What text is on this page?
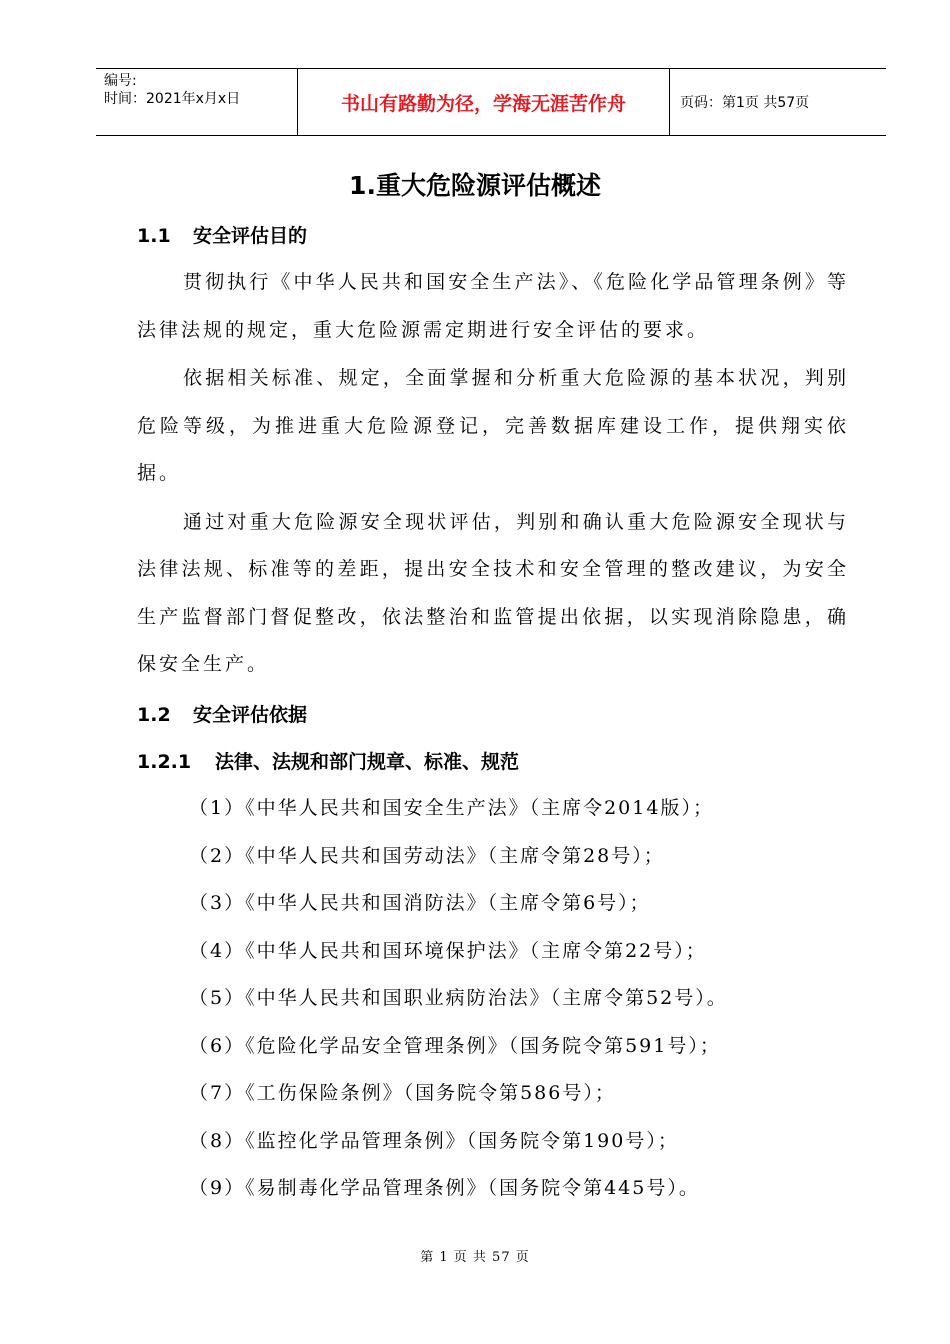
编号:
时间：2021年x月x日	书山有路勤为径，学海无涯苦作舟	页码：第1页 共57页
1.重大危险源评估概述
1.1 安全评估目的

贯彻执行《中华人民共和国安全生产法》、《危险化学品管理条例》等法律法规的规定，重大危险源需定期进行安全评估的要求。

依据相关标准、规定，全面掌握和分析重大危险源的基本状况，判别危险等级，为推进重大危险源登记，完善数据库建设工作，提供翔实依据。

通过对重大危险源安全现状评估，判别和确认重大危险源安全现状与法律法规、标准等的差距，提出安全技术和安全管理的整改建议，为安全生产监督部门督促整改，依法整治和监管提出依据，以实现消除隐患，确保安全生产。

1.2 安全评估依据
1.2.1 法律、法规和部门规章、标准、规范
（1）《中华人民共和国安全生产法》（主席令2014版）；
（2）《中华人民共和国劳动法》（主席令第28号）；
（3）《中华人民共和国消防法》（主席令第6号）；
（4）《中华人民共和国环境保护法》（主席令第22号）；
（5）《中华人民共和国职业病防治法》（主席令第52号）。
（6）《危险化学品安全管理条例》（国务院令第591号）；
（7）《工伤保险条例》（国务院令第586号）；
（8）《监控化学品管理条例》（国务院令第190号）；
（9）《易制毒化学品管理条例》（国务院令第445号）。
第 1 页 共 57 页
